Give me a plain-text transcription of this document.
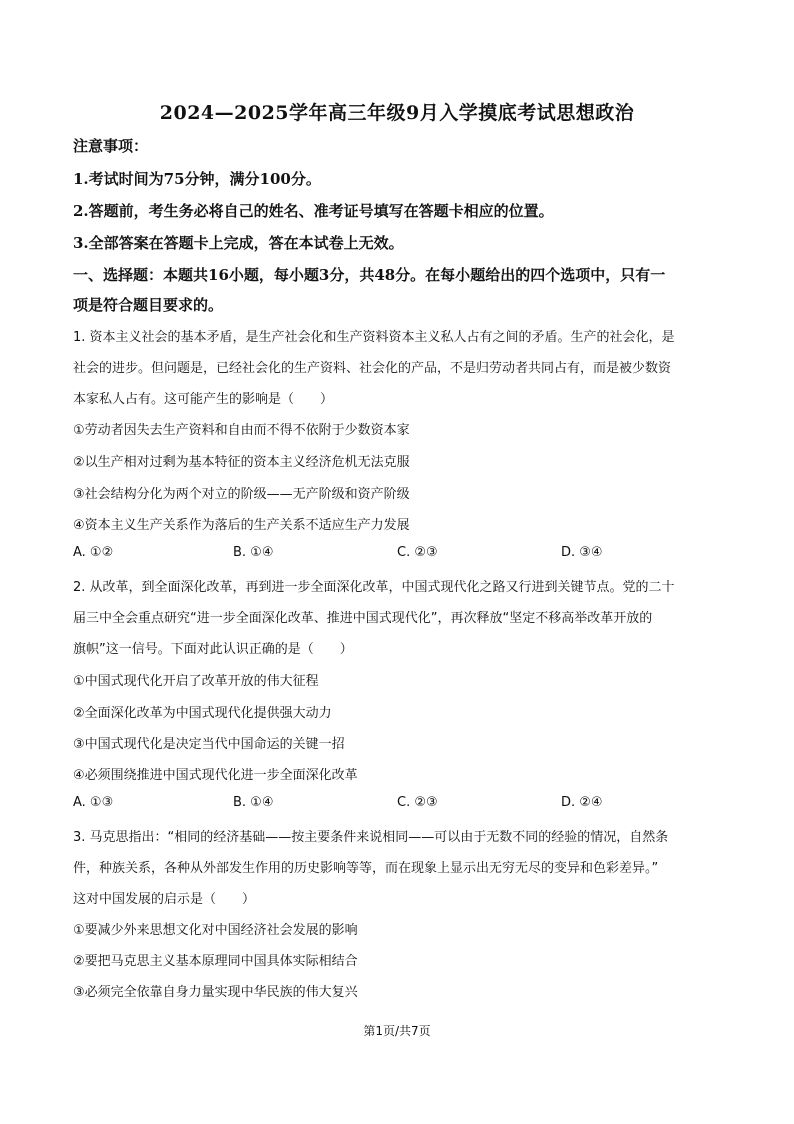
2024—2025学年高三年级9月入学摸底考试思想政治
注意事项：
1.考试时间为75分钟，满分100分。
2.答题前，考生务必将自己的姓名、准考证号填写在答题卡相应的位置。
3.全部答案在答题卡上完成，答在本试卷上无效。
一、选择题：本题共16小题，每小题3分，共48分。在每小题给出的四个选项中，只有一
项是符合题目要求的。
1. 资本主义社会的基本矛盾，是生产社会化和生产资料资本主义私人占有之间的矛盾。生产的社会化，是
社会的进步。但问题是，已经社会化的生产资料、社会化的产品，不是归劳动者共同占有，而是被少数资
本家私人占有。这可能产生的影响是（　　）
①劳动者因失去生产资料和自由而不得不依附于少数资本家
②以生产相对过剩为基本特征的资本主义经济危机无法克服
③社会结构分化为两个对立的阶级——无产阶级和资产阶级
④资本主义生产关系作为落后的生产关系不适应生产力发展
A. ①②	B. ①④	C. ②③	D. ③④
2. 从改革，到全面深化改革，再到进一步全面深化改革，中国式现代化之路又行进到关键节点。党的二十
届三中全会重点研究“进一步全面深化改革、推进中国式现代化”，再次释放“坚定不移高举改革开放的
旗帜”这一信号。下面对此认识正确的是（　　）
①中国式现代化开启了改革开放的伟大征程
②全面深化改革为中国式现代化提供强大动力
③中国式现代化是决定当代中国命运的关键一招
④必须围绕推进中国式现代化进一步全面深化改革
A. ①③	B. ①④	C. ②③	D. ②④
3. 马克思指出：“相同的经济基础——按主要条件来说相同——可以由于无数不同的经验的情况，自然条
件，种族关系，各种从外部发生作用的历史影响等等，而在现象上显示出无穷无尽的变异和色彩差异。”
这对中国发展的启示是（　　）
①要减少外来思想文化对中国经济社会发展的影响
②要把马克思主义基本原理同中国具体实际相结合
③必须完全依靠自身力量实现中华民族的伟大复兴
第1页/共7页
